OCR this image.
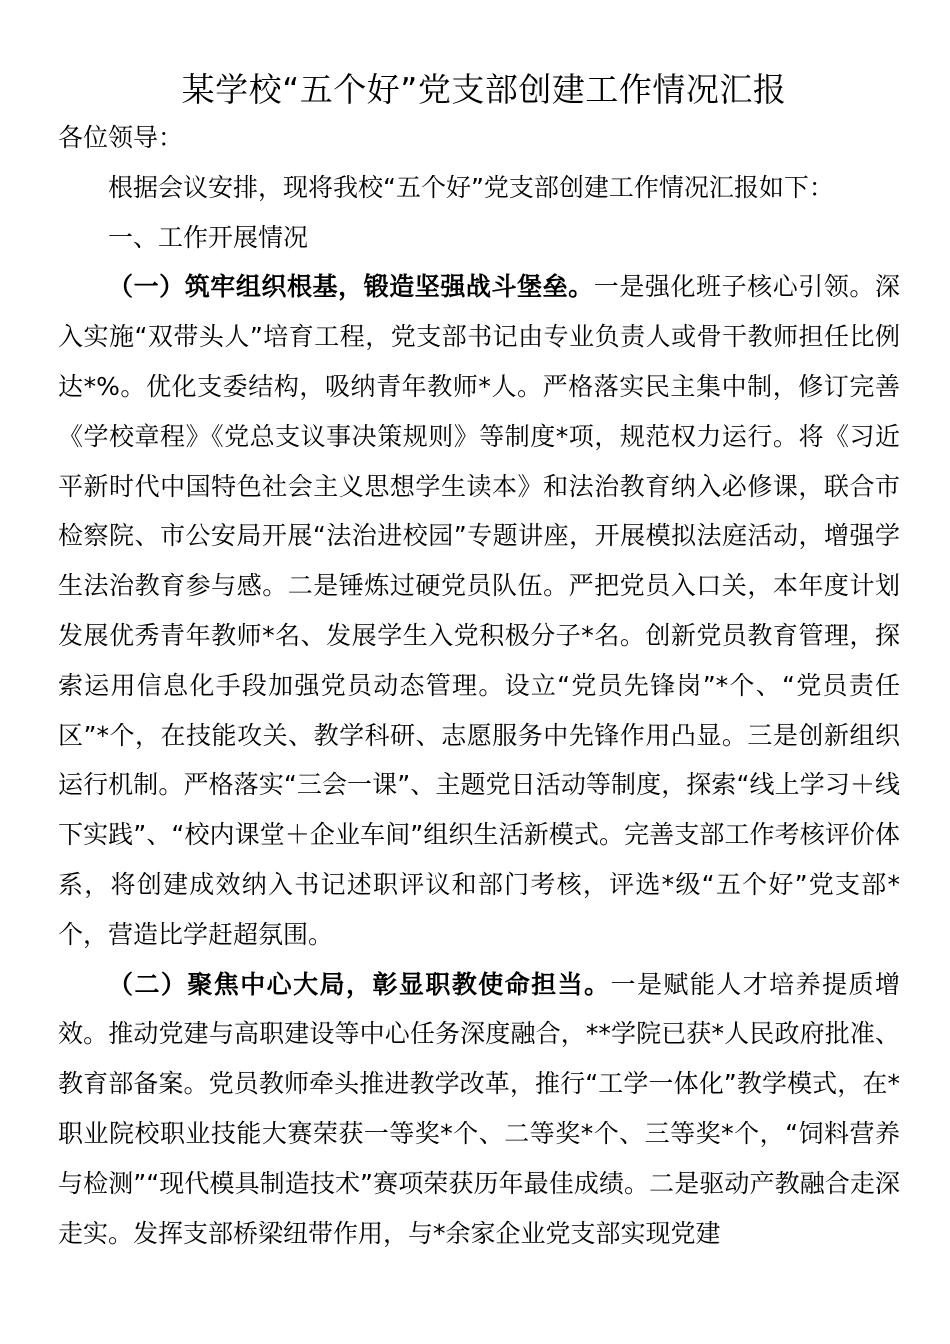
某学校“五个好”党支部创建工作情况汇报

各位领导：

根据会议安排，现将我校“五个好”党支部创建工作情况汇报如下：

一、工作开展情况

（一）筑牢组织根基，锻造坚强战斗堡垒。一是强化班子核心引领。深入实施“双带头人”培育工程，党支部书记由专业负责人或骨干教师担任比例达*%。优化支委结构，吸纳青年教师*人。严格落实民主集中制，修订完善《学校章程》《党总支议事决策规则》等制度*项，规范权力运行。将《习近平新时代中国特色社会主义思想学生读本》和法治教育纳入必修课，联合市检察院、市公安局开展“法治进校园”专题讲座，开展模拟法庭活动，增强学生法治教育参与感。二是锤炼过硬党员队伍。严把党员入口关，本年度计划发展优秀青年教师*名、发展学生入党积极分子*名。创新党员教育管理，探索运用信息化手段加强党员动态管理。设立“党员先锋岗”*个、“党员责任区”*个，在技能攻关、教学科研、志愿服务中先锋作用凸显。三是创新组织运行机制。严格落实“三会一课”、主题党日活动等制度，探索“线上学习＋线下实践”、“校内课堂＋企业车间”组织生活新模式。完善支部工作考核评价体系，将创建成效纳入书记述职评议和部门考核，评选*级“五个好”党支部*个，营造比学赶超氛围。

（二）聚焦中心大局，彰显职教使命担当。一是赋能人才培养提质增效。推动党建与高职建设等中心任务深度融合，**学院已获*人民政府批准、教育部备案。党员教师牵头推进教学改革，推行“工学一体化”教学模式，在*职业院校职业技能大赛荣获一等奖*个、二等奖*个、三等奖*个，“饲料营养与检测”“现代模具制造技术”赛项荣获历年最佳成绩。二是驱动产教融合走深走实。发挥支部桥梁纽带作用，与*余家企业党支部实现党建
